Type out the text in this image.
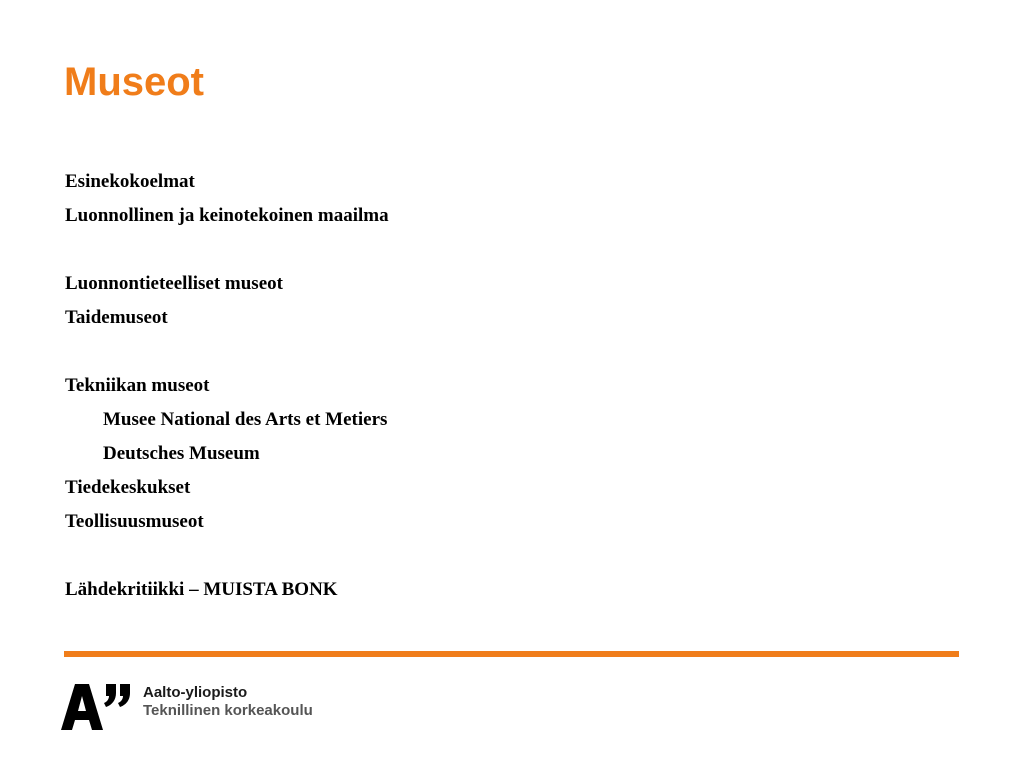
Museot
Esinekokoelmat
Luonnollinen ja keinotekoinen maailma
Luonnontieteelliset museot
Taidemuseot
Tekniikan museot
Musee National des Arts et Metiers
Deutsches Museum
Tiedekeskukset
Teollisuusmuseot
Lähdekritiikki – MUISTA BONK
Aalto-yliopisto
Teknillinen korkeakoulu
